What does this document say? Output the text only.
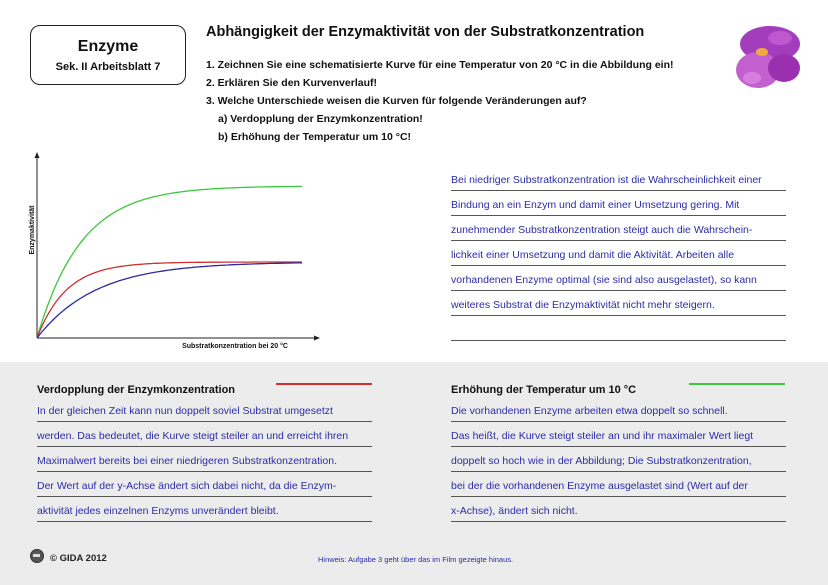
Enzyme
Sek. II Arbeitsblatt 7
Abhängigkeit der Enzymaktivität von der Substratkonzentration
1. Zeichnen Sie eine schematisierte Kurve für eine Temperatur von 20 °C in die Abbildung ein!
2. Erklären Sie den Kurvenverlauf!
3. Welche Unterschiede weisen die Kurven für folgende Veränderungen auf?
a) Verdopplung der Enzymkonzentration!
b) Erhöhung der Temperatur um 10 °C!
Enzymaktivität
Substratkonzentration bei 20 °C
Bei niedriger Substratkonzentration ist die Wahrscheinlichkeit einer
Bindung an ein Enzym und damit einer Umsetzung gering. Mit
zunehmender Substratkonzentration steigt auch die Wahrschein-
lichkeit einer Umsetzung und damit die Aktivität. Arbeiten alle
vorhandenen Enzyme optimal (sie sind also ausgelastet), so kann
weiteres Substrat die Enzymaktivität nicht mehr steigern.
Verdopplung der Enzymkonzentration
In der gleichen Zeit kann nun doppelt soviel Substrat umgesetzt
werden. Das bedeutet, die Kurve steigt steiler an und erreicht ihren
Maximalwert bereits bei einer niedrigeren Substratkonzentration.
Der Wert auf der y-Achse ändert sich dabei nicht, da die Enzym-
aktivität jedes einzelnen Enzyms unverändert bleibt.
Erhöhung der Temperatur um 10 °C
Die vorhandenen Enzyme arbeiten etwa doppelt so schnell.
Das heißt, die Kurve steigt steiler an und ihr maximaler Wert liegt
doppelt so hoch wie in der Abbildung; Die Substratkonzentration,
bei der die vorhandenen Enzyme ausgelastet sind (Wert auf der
x-Achse), ändert sich nicht.
© GIDA 2012	Hinweis: Aufgabe 3 geht über das im Film gezeigte hinaus.
